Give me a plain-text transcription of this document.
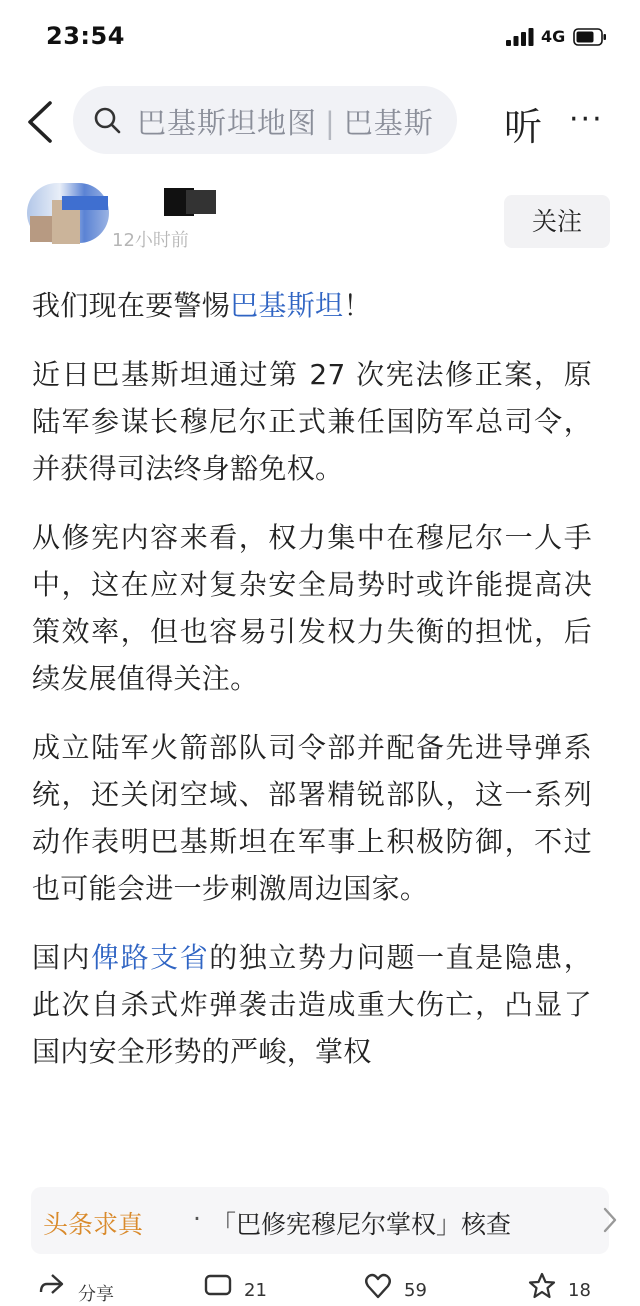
23:54	4G
巴基斯坦地图 | 巴基斯 听 ···
12小时前
关注

我们现在要警惕巴基斯坦！

近日巴基斯坦通过第 27 次宪法修正案，原陆军参谋长穆尼尔正式兼任国防军总司令，并获得司法终身豁免权。

从修宪内容来看，权力集中在穆尼尔一人手中，这在应对复杂安全局势时或许能提高决策效率，但也容易引发权力失衡的担忧，后续发展值得关注。

成立陆军火箭部队司令部并配备先进导弹系统，还关闭空域、部署精锐部队，这一系列动作表明巴基斯坦在军事上积极防御，不过也可能会进一步刺激周边国家。

国内俾路支省的独立势力问题一直是隐患，此次自杀式炸弹袭击造成重大伤亡，凸显了国内安全形势的严峻，掌权

头条求真 · 「巴修宪穆尼尔掌权」核查
分享	21	59	18
